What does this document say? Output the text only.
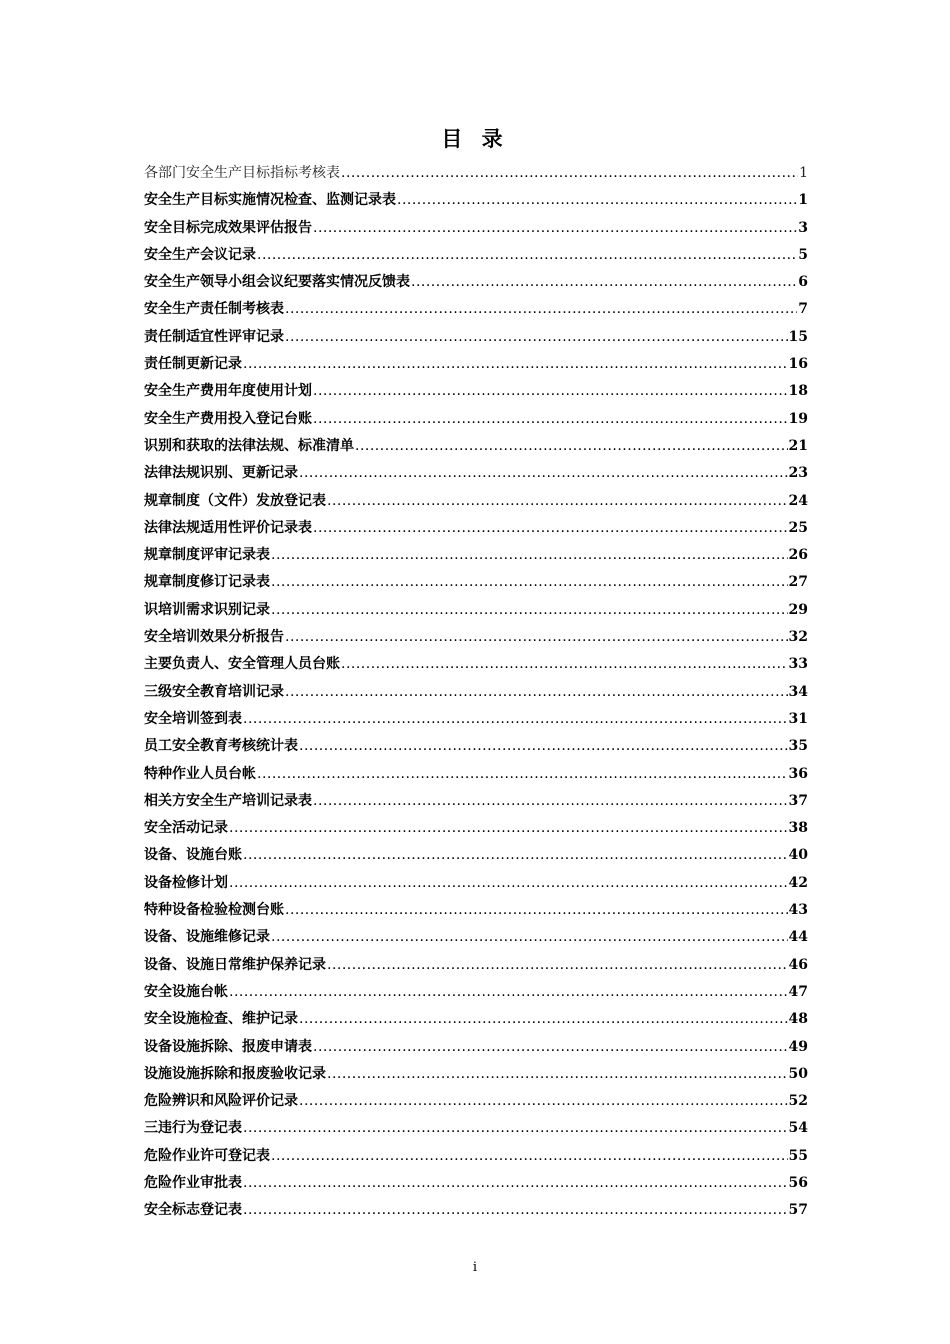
目 录
各部门安全生产目标指标考核表 .....	1
安全生产目标实施情况检查、监测记录表 .....	1
安全目标完成效果评估报告 .....	3
安全生产会议记录 .....	5
安全生产领导小组会议纪要落实情况反馈表 .....	6
安全生产责任制考核表 .....	7
责任制适宜性评审记录 .....	15
责任制更新记录 .....	16
安全生产费用年度使用计划 .....	18
安全生产费用投入登记台账 .....	19
识别和获取的法律法规、标准清单 .....	21
法律法规识别、更新记录 .....	23
规章制度（文件）发放登记表 .....	24
法律法规适用性评价记录表 .....	25
规章制度评审记录表 .....	26
规章制度修订记录表 .....	27
识培训需求识别记录 .....	29
安全培训效果分析报告 .....	32
主要负责人、安全管理人员台账 .....	33
三级安全教育培训记录 .....	34
安全培训签到表 .....	31
员工安全教育考核统计表 .....	35
特种作业人员台帐 .....	36
相关方安全生产培训记录表 .....	37
安全活动记录 .....	38
设备、设施台账 .....	40
设备检修计划 .....	42
特种设备检验检测台账 .....	43
设备、设施维修记录 .....	44
设备、设施日常维护保养记录 .....	46
安全设施台帐 .....	47
安全设施检查、维护记录 .....	48
设备设施拆除、报废申请表 .....	49
设施设施拆除和报废验收记录 .....	50
危险辨识和风险评价记录 .....	52
三违行为登记表 .....	54
危险作业许可登记表 .....	55
危险作业审批表 .....	56
安全标志登记表 .....	57
i
